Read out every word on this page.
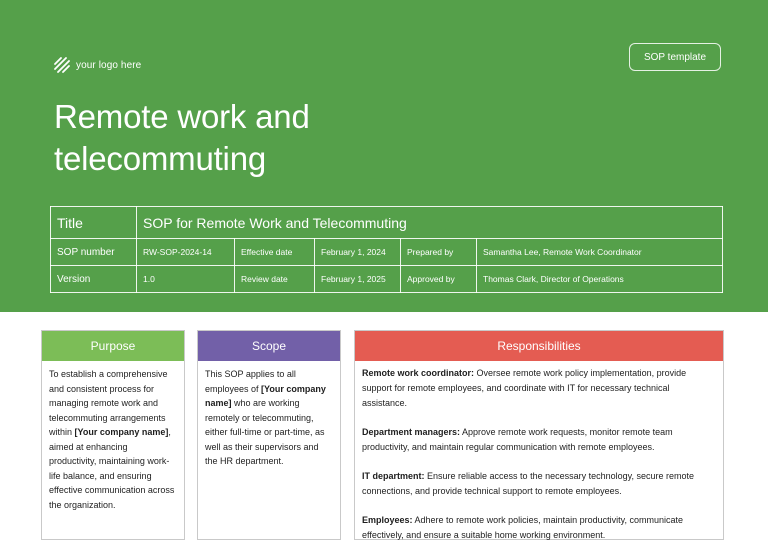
your logo here
SOP template
Remote work and
telecommuting
Title	SOP for Remote Work and Telecommuting				
SOP number	RW-SOP-2024-14	Effective date	February 1, 2024	Prepared by	Samantha Lee, Remote Work Coordinator
Version	1.0	Review date	February 1, 2025	Approved by	Thomas Clark, Director of Operations
Purpose
To establish a comprehensive and consistent process for managing remote work and telecommuting arrangements within [Your company name], aimed at enhancing productivity, maintaining work-life balance, and ensuring effective communication across the organization.
Scope
This SOP applies to all employees of [Your company name] who are working remotely or telecommuting, either full-time or part-time, as well as their supervisors and the HR department.
Responsibilities

Remote work coordinator: Oversee remote work policy implementation, provide support for remote employees, and coordinate with IT for necessary technical assistance.

Department managers: Approve remote work requests, monitor remote team productivity, and maintain regular communication with remote employees.

IT department: Ensure reliable access to the necessary technology, secure remote connections, and provide technical support to remote employees.

Employees: Adhere to remote work policies, maintain productivity, communicate effectively, and ensure a suitable home working environment.
